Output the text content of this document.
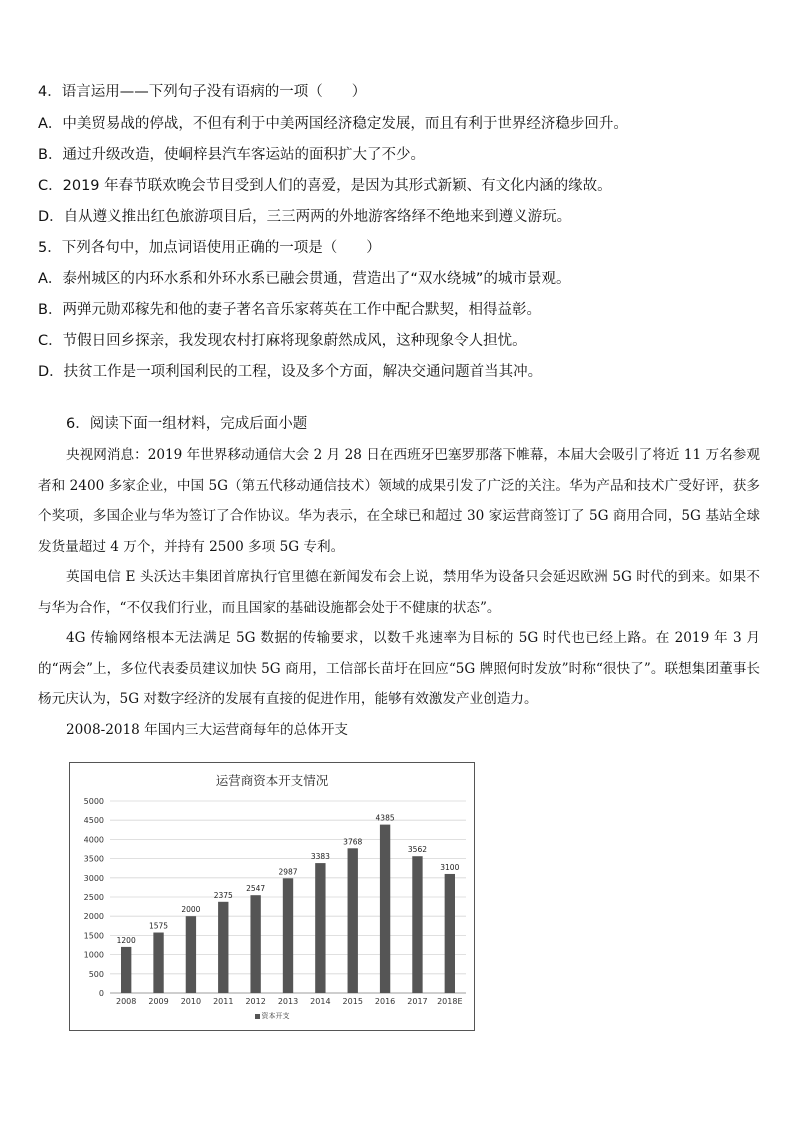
4．语言运用——下列句子没有语病的一项（　　）
A．中美贸易战的停战，不但有利于中美两国经济稳定发展，而且有利于世界经济稳步回升。
B．通过升级改造，使峒梓县汽车客运站的面积扩大了不少。
C．2019 年春节联欢晚会节目受到人们的喜爱，是因为其形式新颖、有文化内涵的缘故。
D．自从遵义推出红色旅游项目后，三三两两的外地游客络绎不绝地来到遵义游玩。
5．下列各句中，加点词语使用正确的一项是（　　）
A．泰州城区的内环水系和外环水系已融会贯通，营造出了“双水绕城”的城市景观。
B．两弹元勋邓稼先和他的妻子著名音乐家蒋英在工作中配合默契，相得益彰。
C．节假日回乡探亲，我发现农村打麻将现象蔚然成风，这种现象令人担忧。
D．扶贫工作是一项利国利民的工程，设及多个方面，解决交通问题首当其冲。
6．阅读下面一组材料，完成后面小题

央视网消息：2019 年世界移动通信大会 2 月 28 日在西班牙巴塞罗那落下帷幕，本届大会吸引了将近 11 万名参观者和 2400 多家企业，中国 5G（第五代移动通信技术）领域的成果引发了广泛的关注。华为产品和技术广受好评，获多个奖项，多国企业与华为签订了合作协议。华为表示，在全球已和超过 30 家运营商签订了 5G 商用合同，5G 基站全球发货量超过 4 万个，并持有 2500 多项 5G 专利。

英国电信 E 头沃达丰集团首席执行官里德在新闻发布会上说，禁用华为设备只会延迟欧洲 5G 时代的到来。如果不与华为合作，“不仅我们行业，而且国家的基础设施都会处于不健康的状态”。

4G 传输网络根本无法满足 5G 数据的传输要求，以数千兆速率为目标的 5G 时代也已经上路。在 2019 年 3 月的“两会”上，多位代表委员建议加快 5G 商用，工信部长苗圩在回应“5G 牌照何时发放”时称“很快了”。联想集团董事长杨元庆认为，5G 对数字经济的发展有直接的促进作用，能够有效激发产业创造力。

2008-2018 年国内三大运营商每年的总体开支

运营商资本开支情况
0
500
1000
1500
2000
2500
3000
3500
4000
4500
5000
1200
2008
1575
2009
2000
2010
2375
2011
2547
2012
2987
2013
3383
2014
3768
2015
4385
2016
3562
2017
3100
2018E
资本开支
